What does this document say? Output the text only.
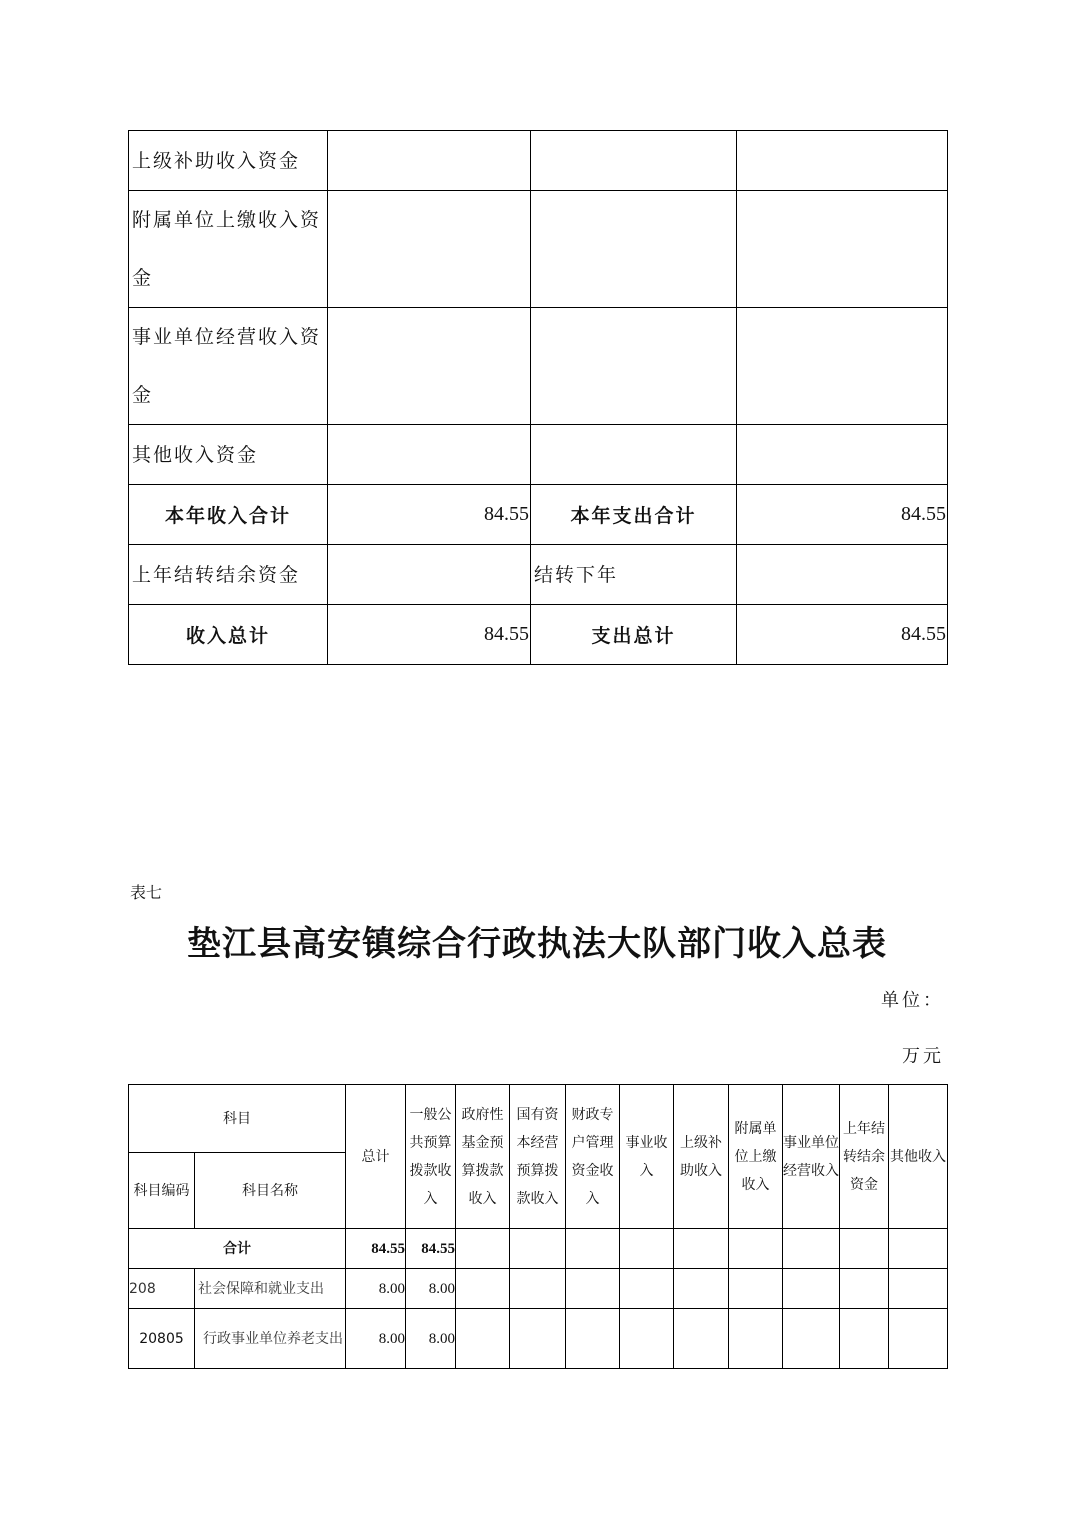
上级补助收入资金			
附属单位上缴收入资金			
事业单位经营收入资金			
其他收入资金			
本年收入合计	84.55	本年支出合计	84.55
上年结转结余资金		结转下年	
收入总计	84.55	支出总计	84.55
表七
垫江县高安镇综合行政执法大队部门收入总表
单位：
万元
科目		总计	一般公共预算拨款收入	政府性基金预算拨款收入	国有资本经营预算拨款收入	财政专户管理资金收入	事业收入	上级补助收入	附属单位上缴收入	事业单位经营收入	上年结转结余资金	其他收入
科目编码	科目名称											
合计		84.55	84.55									
208	社会保障和就业支出	8.00	8.00									
20805	行政事业单位养老支出	8.00	8.00									
